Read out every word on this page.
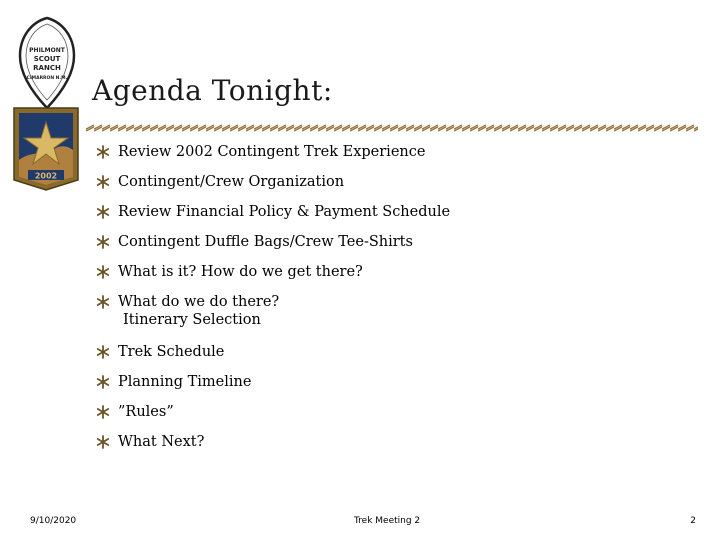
PHILMONT
SCOUT
RANCH
CIMARRON N.M.
2002
Agenda Tonight:
Review 2002 Contingent Trek Experience
Contingent/Crew Organization
Review Financial Policy & Payment Schedule
Contingent Duffle Bags/Crew Tee-Shirts
What is it? How do we get there?
What do we do there?
Itinerary Selection
Trek Schedule
Planning Timeline
”Rules”
What Next?
9/10/2020	Trek Meeting 2	2
